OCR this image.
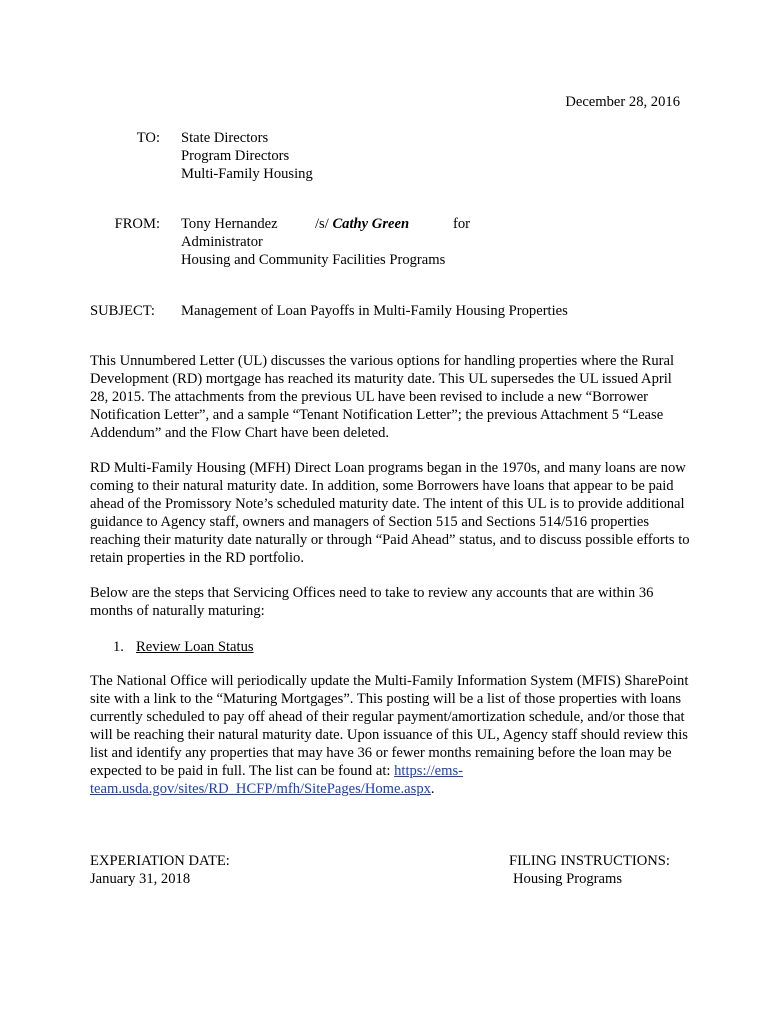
December 28, 2016
TO: State Directors

Program Directors

Multi-Family Housing

FROM: Tony Hernandez	/s/ Cathy Green	for

Administrator

Housing and Community Facilities Programs

SUBJECT: Management of Loan Payoffs in Multi-Family Housing Properties

This Unnumbered Letter (UL) discusses the various options for handling properties where the Rural Development (RD) mortgage has reached its maturity date. This UL supersedes the UL issued April 28, 2015. The attachments from the previous UL have been revised to include a new “Borrower Notification Letter”, and a sample “Tenant Notification Letter”; the previous Attachment 5 “Lease Addendum” and the Flow Chart have been deleted.

RD Multi-Family Housing (MFH) Direct Loan programs began in the 1970s, and many loans are now coming to their natural maturity date. In addition, some Borrowers have loans that appear to be paid ahead of the Promissory Note’s scheduled maturity date. The intent of this UL is to provide additional guidance to Agency staff, owners and managers of Section 515 and Sections 514/516 properties reaching their maturity date naturally or through “Paid Ahead” status, and to discuss possible efforts to retain properties in the RD portfolio.

Below are the steps that Servicing Offices need to take to review any accounts that are within 36 months of naturally maturing:

1. Review Loan Status

The National Office will periodically update the Multi-Family Information System (MFIS) SharePoint site with a link to the “Maturing Mortgages”. This posting will be a list of those properties with loans currently scheduled to pay off ahead of their regular payment/amortization schedule, and/or those that will be reaching their natural maturity date. Upon issuance of this UL, Agency staff should review this list and identify any properties that may have 36 or fewer months remaining before the loan may be expected to be paid in full. The list can be found at: https://ems-team.usda.gov/sites/RD_HCFP/mfh/SitePages/Home.aspx.

EXPERIATION DATE:
January 31, 2018
FILING INSTRUCTIONS:
Housing Programs
